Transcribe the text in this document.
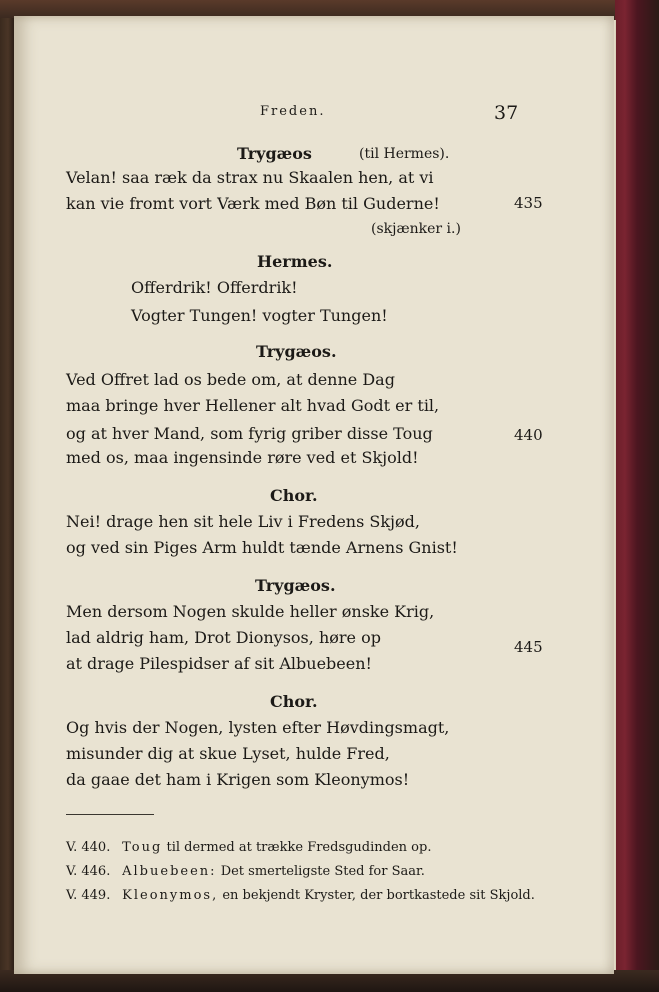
Freden.	37
Trygæos	(til Hermes).
Velan! saa ræk da strax nu Skaalen hen, at vi
kan vie fromt vort Værk med Bøn til Guderne!	435
(skjænker i.)
Hermes.
Offerdrik! Offerdrik!
Vogter Tungen! vogter Tungen!
Trygæos.
Ved Offret lad os bede om, at denne Dag
maa bringe hver Hellener alt hvad Godt er til,
og at hver Mand, som fyrig griber disse Toug	440
med os, maa ingensinde røre ved et Skjold!
Chor.
Nei! drage hen sit hele Liv i Fredens Skjød,
og ved sin Piges Arm huldt tænde Arnens Gnist!
Trygæos.
Men dersom Nogen skulde heller ønske Krig,
lad aldrig ham, Drot Dionysos, høre op	445
at drage Pilespidser af sit Albuebeen!
Chor.
Og hvis der Nogen, lysten efter Høvdingsmagt,
misunder dig at skue Lyset, hulde Fred,
da gaae det ham i Krigen som Kleonymos!
V. 440. Toug til dermed at trække Fredsgudinden op.
V. 446. Albuebeen: Det smerteligste Sted for Saar.
V. 449. Kleonymos, en bekjendt Kryster, der bortkastede sit Skjold.
